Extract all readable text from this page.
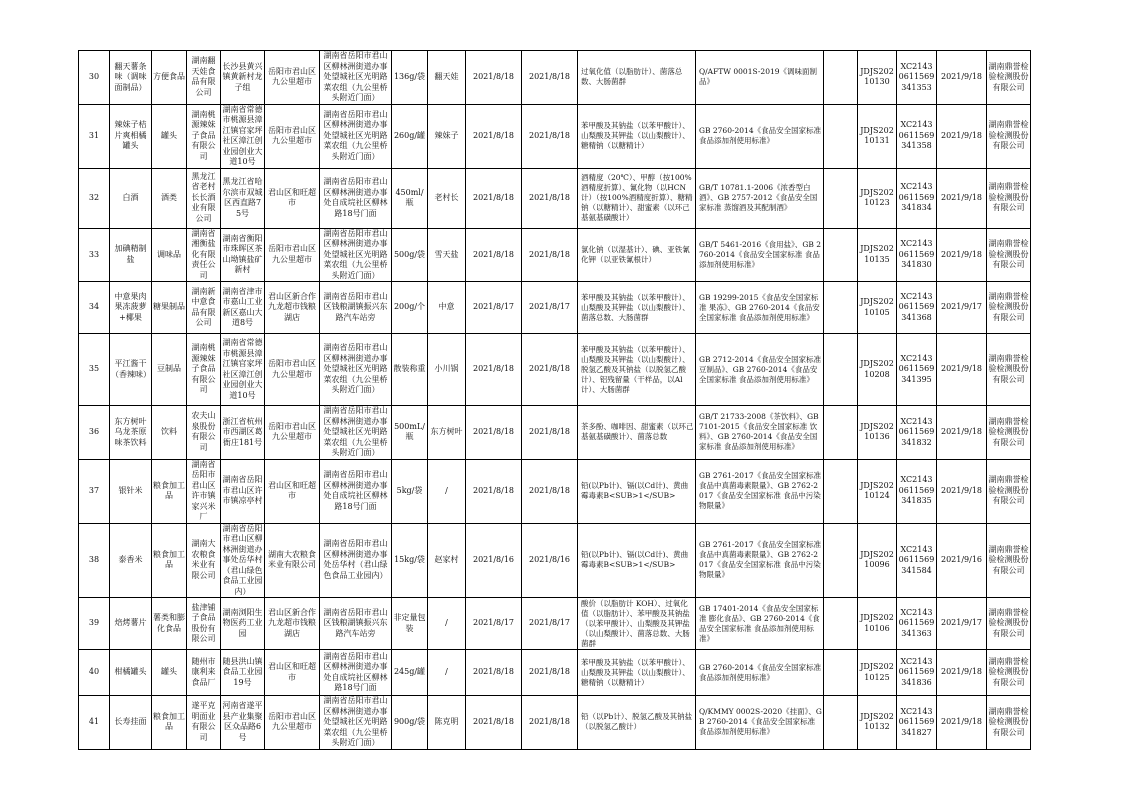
30	翻天薯条味（调味面制品）	方便食品	湖南翻天娃食品有限公司	长沙县黄兴镇黄新村龙子组	岳阳市君山区九公里超市	湖南省岳阳市君山区柳林洲街道办事处望城社区光明路菜农组（九公里桥头附近门面）	136g/袋	翻天娃	2021/8/18	2021/8/18	过氧化值（以脂肪计）、菌落总数、大肠菌群	Q/AFTW 0001S-2019《调味面制品》		JDJS20210130	XC21430611569341353	2021/9/18	湖南鼎誉检验检测股份有限公司
31	辣妹子桔片爽相橘罐头	罐头	湖南桃源辣妹子食品有限公司	湖南省常德市桃源县漳江镇官家坪社区漳江创业园创业大道10号	岳阳市君山区九公里超市	湖南省岳阳市君山区柳林洲街道办事处望城社区光明路菜农组（九公里桥头附近门面）	260g/罐	辣妹子	2021/8/18	2021/8/18	苯甲酸及其钠盐（以苯甲酸计）、山梨酸及其钾盐（以山梨酸计）、糖精钠（以糖精计）	GB 2760-2014《食品安全国家标准 食品添加剂使用标准》		JDJS20210131	XC21430611569341358	2021/9/18	湖南鼎誉检验检测股份有限公司
32	白酒	酒类	黑龙江省老村长长酒业有限公司	黑龙江省哈尔滨市双城区西直路75号	君山区和旺超市	湖南省岳阳市君山区柳林洲街道办事处自成垸社区柳林路18号门面	450ml/瓶	老村长	2021/8/18	2021/8/18	酒精度（20℃）、甲醇（按100%酒精度折算）、氰化物（以HCN计）（按100%酒精度折算）、糖精钠（以糖精计）、甜蜜素（以环己基氨基磺酸计）	GB/T 10781.1-2006《浓香型白酒》、GB 2757-2012《食品安全国家标准 蒸馏酒及其配制酒》		JDJS20210123	XC21430611569341834	2021/9/18	湖南鼎誉检验检测股份有限公司
33	加碘精制盐	调味品	湖南省湘衡盐化有限责任公司	湖南省衡阳市珠晖区茶山坳镇盐矿新村	岳阳市君山区九公里超市	湖南省岳阳市君山区柳林洲街道办事处望城社区光明路菜农组（九公里桥头附近门面）	500g/袋	雪天盐	2021/8/18	2021/8/18	氯化钠（以湿基计）、碘、亚铁氰化钾（以亚铁氰根计）	GB/T 5461-2016《食用盐》、GB 2760-2014《食品安全国家标准 食品添加剂使用标准》		JDJS20210135	XC21430611569341830	2021/9/18	湖南鼎誉检验检测股份有限公司
34	中意果肉果冻菠萝+椰果	糖果制品	湖南新中意食品有限公司	湖南省津市市嘉山工业新区嘉山大道8号	君山区新合作九龙超市钱粮湖店	湖南省岳阳市君山区钱粮湖镇振兴东路汽车站旁	200g/个	中意	2021/8/17	2021/8/17	苯甲酸及其钠盐（以苯甲酸计）、山梨酸及其钾盐（以山梨酸计）、菌落总数、大肠菌群	GB 19299-2015《食品安全国家标准 果冻》、GB 2760-2014《食品安全国家标准 食品添加剂使用标准》		JDJS20210105	XC21430611569341368	2021/9/17	湖南鼎誉检验检测股份有限公司
35	平江酱干（香辣味）	豆制品	湖南桃源辣妹子食品有限公司	湖南省常德市桃源县漳江镇官家坪社区漳江创业园创业大道10号	岳阳市君山区九公里超市	湖南省岳阳市君山区柳林洲街道办事处望城社区光明路菜农组（九公里桥头附近门面）	散装称重	小川锅	2021/8/18	2021/8/18	苯甲酸及其钠盐（以苯甲酸计）、山梨酸及其钾盐（以山梨酸计）、脱氢乙酸及其钠盐（以脱氢乙酸计）、铝残留量（干样品，以Al计）、大肠菌群	GB 2712-2014《食品安全国家标准 豆制品》、GB 2760-2014《食品安全国家标准 食品添加剂使用标准》		JDJS20210208	XC21430611569341395	2021/9/18	湖南鼎誉检验检测股份有限公司
36	东方树叶乌龙茶原味茶饮料	饮料	农夫山泉股份有限公司	浙江省杭州市西湖区葛衙庄181号	岳阳市君山区九公里超市	湖南省岳阳市君山区柳林洲街道办事处望城社区光明路菜农组（九公里桥头附近门面）	500mL/瓶	东方树叶	2021/8/18	2021/8/18	茶多酚、咖啡因、甜蜜素（以环己基氨基磺酸计）、菌落总数	GB/T 21733-2008《茶饮料》、GB 7101-2015《食品安全国家标准 饮料》、GB 2760-2014《食品安全国家标准 食品添加剂使用标准》		JDJS20210136	XC21430611569341832	2021/9/18	湖南鼎誉检验检测股份有限公司
37	银针米	粮食加工品	湖南省岳阳市君山区许市镇家兴米厂	湖南省岳阳市君山区许市镇凉亭村	君山区和旺超市	湖南省岳阳市君山区柳林洲街道办事处自成垸社区柳林路18号门面	5kg/袋	/	2021/8/18	2021/8/18	铅(以Pb计)、镉(以Cd计)、黄曲霉毒素B<SUB>1</SUB>	GB 2761-2017《食品安全国家标准 食品中真菌毒素限量》、GB 2762-2017《食品安全国家标准 食品中污染物限量》		JDJS20210124	XC21430611569341835	2021/9/18	湖南鼎誉检验检测股份有限公司
38	泰香米	粮食加工品	湖南大农粮食米业有限公司	湖南省岳阳市君山区柳林洲街道办事处岳华村（君山绿色食品工业园内）	湖南大农粮食米业有限公司	湖南省岳阳市君山区柳林洲街道办事处岳华村（君山绿色食品工业园内）	15kg/袋	赵家村	2021/8/16	2021/8/16	铅(以Pb计)、镉(以Cd计)、黄曲霉毒素B<SUB>1</SUB>	GB 2761-2017《食品安全国家标准 食品中真菌毒素限量》、GB 2762-2017《食品安全国家标准 食品中污染物限量》		JDJS20210096	XC21430611569341584	2021/9/16	湖南鼎誉检验检测股份有限公司
39	焙烤薯片	薯类和膨化食品	盐津铺子食品股份有限公司	湖南浏阳生物医药工业园	君山区新合作九龙超市钱粮湖店	湖南省岳阳市君山区钱粮湖镇振兴东路汽车站旁	非定量包装	/	2021/8/17	2021/8/17	酸价（以脂肪计 KOH）、过氧化值（以脂肪计）、苯甲酸及其钠盐（以苯甲酸计）、山梨酸及其钾盐（以山梨酸计）、菌落总数、大肠菌群	GB 17401-2014《食品安全国家标准 膨化食品》、GB 2760-2014《食品安全国家标准 食品添加剂使用标准》		JDJS20210106	XC21430611569341363	2021/9/17	湖南鼎誉检验检测股份有限公司
40	柑橘罐头	罐头	随州市康利来食品厂	随县洪山镇食品工业园19号	君山区和旺超市	湖南省岳阳市君山区柳林洲街道办事处自成垸社区柳林路18号门面	245g/罐	/	2021/8/18	2021/8/18	苯甲酸及其钠盐（以苯甲酸计）、山梨酸及其钾盐（以山梨酸计）、糖精钠（以糖精计）	GB 2760-2014《食品安全国家标准 食品添加剂使用标准》		JDJS20210125	XC21430611569341836	2021/9/18	湖南鼎誉检验检测股份有限公司
41	长寿挂面	粮食加工品	遂平克明面业有限公司	河南省遂平县产业集聚区众品路6号	岳阳市君山区九公里超市	湖南省岳阳市君山区柳林洲街道办事处望城社区光明路菜农组（九公里桥头附近门面）	900g/袋	陈克明	2021/8/18	2021/8/18	铅（以Pb计）、脱氢乙酸及其钠盐（以脱氢乙酸计）	Q/KMMY 0002S-2020《挂面》、GB 2760-2014《食品安全国家标准 食品添加剂使用标准》		JDJS20210132	XC21430611569341827	2021/9/18	湖南鼎誉检验检测股份有限公司
